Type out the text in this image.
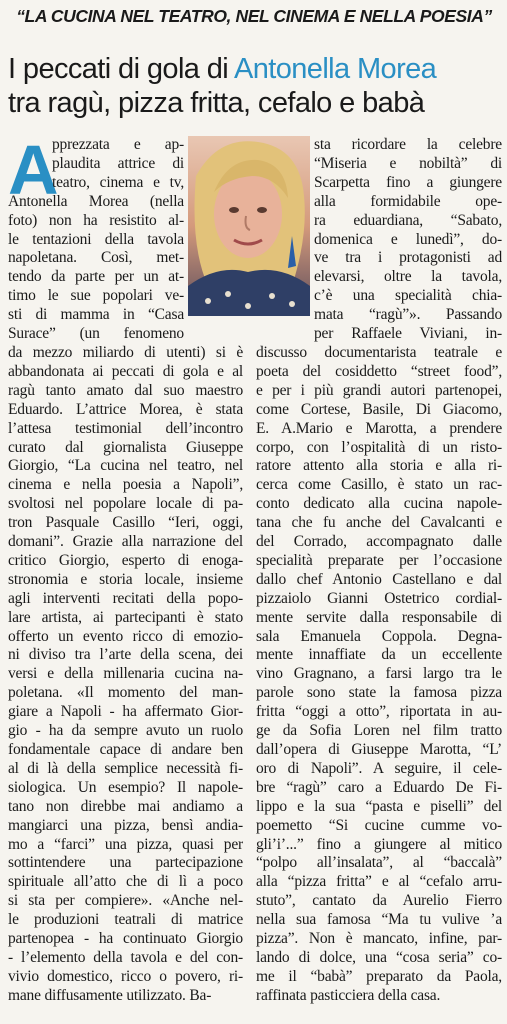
“LA CUCINA NEL TEATRO, NEL CINEMA E NELLA POESIA”
I peccati di gola di Antonella Morea
tra ragù, pizza fritta, cefalo e babà
A
pprezzata e ap-
plaudita attrice di
teatro, cinema e tv,
Antonella Morea (nella
foto) non ha resistito al-
le tentazioni della tavola
napoletana. Così, met-
tendo da parte per un at-
timo le sue popolari ve-
sti di mamma in “Casa
Surace” (un fenomeno
da mezzo miliardo di utenti) si è
abbandonata ai peccati di gola e al
ragù tanto amato dal suo maestro
Eduardo. L’attrice Morea, è stata
l’attesa testimonial dell’incontro
curato dal giornalista Giuseppe
Giorgio, “La cucina nel teatro, nel
cinema e nella poesia a Napoli”,
svoltosi nel popolare locale di pa-
tron Pasquale Casillo “Ieri, oggi,
domani”. Grazie alla narrazione del
critico Giorgio, esperto di enoga-
stronomia e storia locale, insieme
agli interventi recitati della popo-
lare artista, ai partecipanti è stato
offerto un evento ricco di emozio-
ni diviso tra l’arte della scena, dei
versi e della millenaria cucina na-
poletana. «Il momento del man-
giare a Napoli - ha affermato Gior-
gio - ha da sempre avuto un ruolo
fondamentale capace di andare ben
al di là della semplice necessità fi-
siologica. Un esempio? Il napole-
tano non direbbe mai andiamo a
mangiarci una pizza, bensì andia-
mo a “farci” una pizza, quasi per
sottintendere una partecipazione
spirituale all’atto che di lì a poco
si sta per compiere». «Anche nel-
le produzioni teatrali di matrice
partenopea - ha continuato Giorgio
- l’elemento della tavola e del con-
vivio domestico, ricco o povero, ri-
mane diffusamente utilizzato. Ba-
sta ricordare la celebre
“Miseria e nobiltà” di
Scarpetta fino a giungere
alla formidabile ope-
ra eduardiana, “Sabato,
domenica e lunedì”, do-
ve tra i protagonisti ad
elevarsi, oltre la tavola,
c’è una specialità chia-
mata “ragù”». Passando
per Raffaele Viviani, in-
discusso documentarista teatrale e
poeta del cosiddetto “street food”,
e per i più grandi autori partenopei,
come Cortese, Basile, Di Giacomo,
E. A.Mario e Marotta, a prendere
corpo, con l’ospitalità di un risto-
ratore attento alla storia e alla ri-
cerca come Casillo, è stato un rac-
conto dedicato alla cucina napole-
tana che fu anche del Cavalcanti e
del Corrado, accompagnato dalle
specialità preparate per l’occasione
dallo chef Antonio Castellano e dal
pizzaiolo Gianni Ostetrico cordial-
mente servite dalla responsabile di
sala Emanuela Coppola. Degna-
mente innaffiate da un eccellente
vino Gragnano, a farsi largo tra le
parole sono state la famosa pizza
fritta “oggi a otto”, riportata in au-
ge da Sofia Loren nel film tratto
dall’opera di Giuseppe Marotta, “L’
oro di Napoli”. A seguire, il cele-
bre “ragù” caro a Eduardo De Fi-
lippo e la sua “pasta e piselli” del
poemetto “Si cucine cumme vo-
gli’i’...” fino a giungere al mitico
“polpo all’insalata”, al “baccalà”
alla “pizza fritta” e al “cefalo arru-
stuto”, cantato da Aurelio Fierro
nella sua famosa “Ma tu vulive ’a
pizza”. Non è mancato, infine, par-
lando di dolce, una “cosa seria” co-
me il “babà” preparato da Paola,
raffinata pasticciera della casa.
